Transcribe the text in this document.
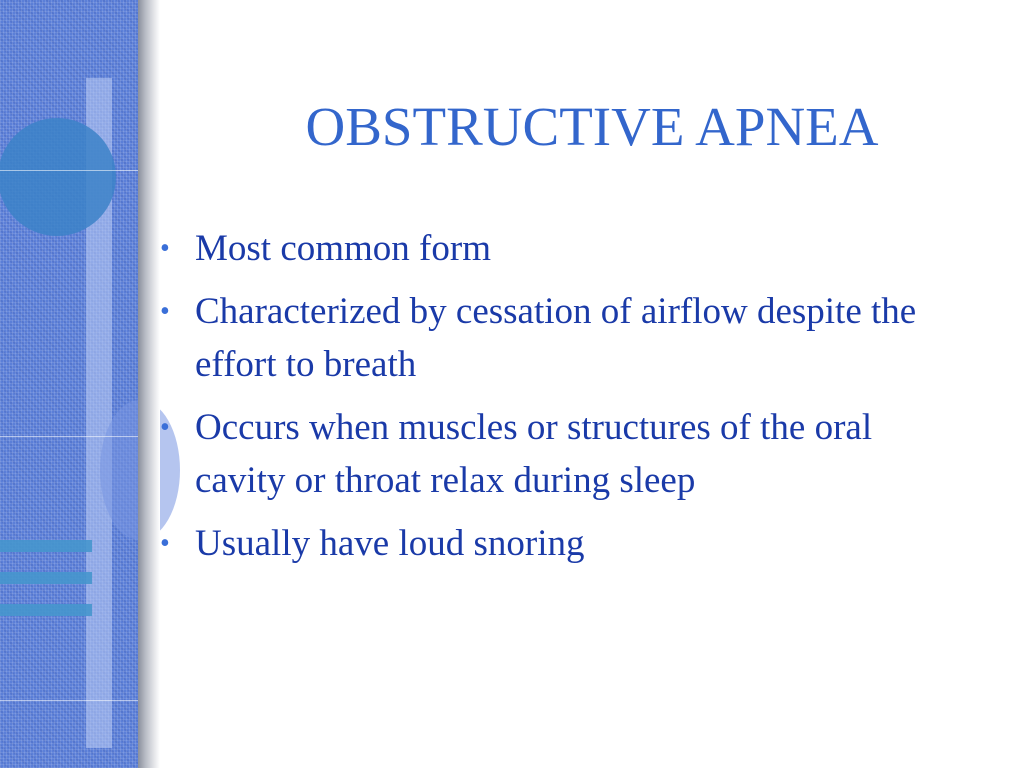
OBSTRUCTIVE APNEA
• Most common form
• Characterized by cessation of airflow despite the effort to breath
• Occurs when muscles or structures of the oral cavity or throat relax during sleep
• Usually have loud snoring
